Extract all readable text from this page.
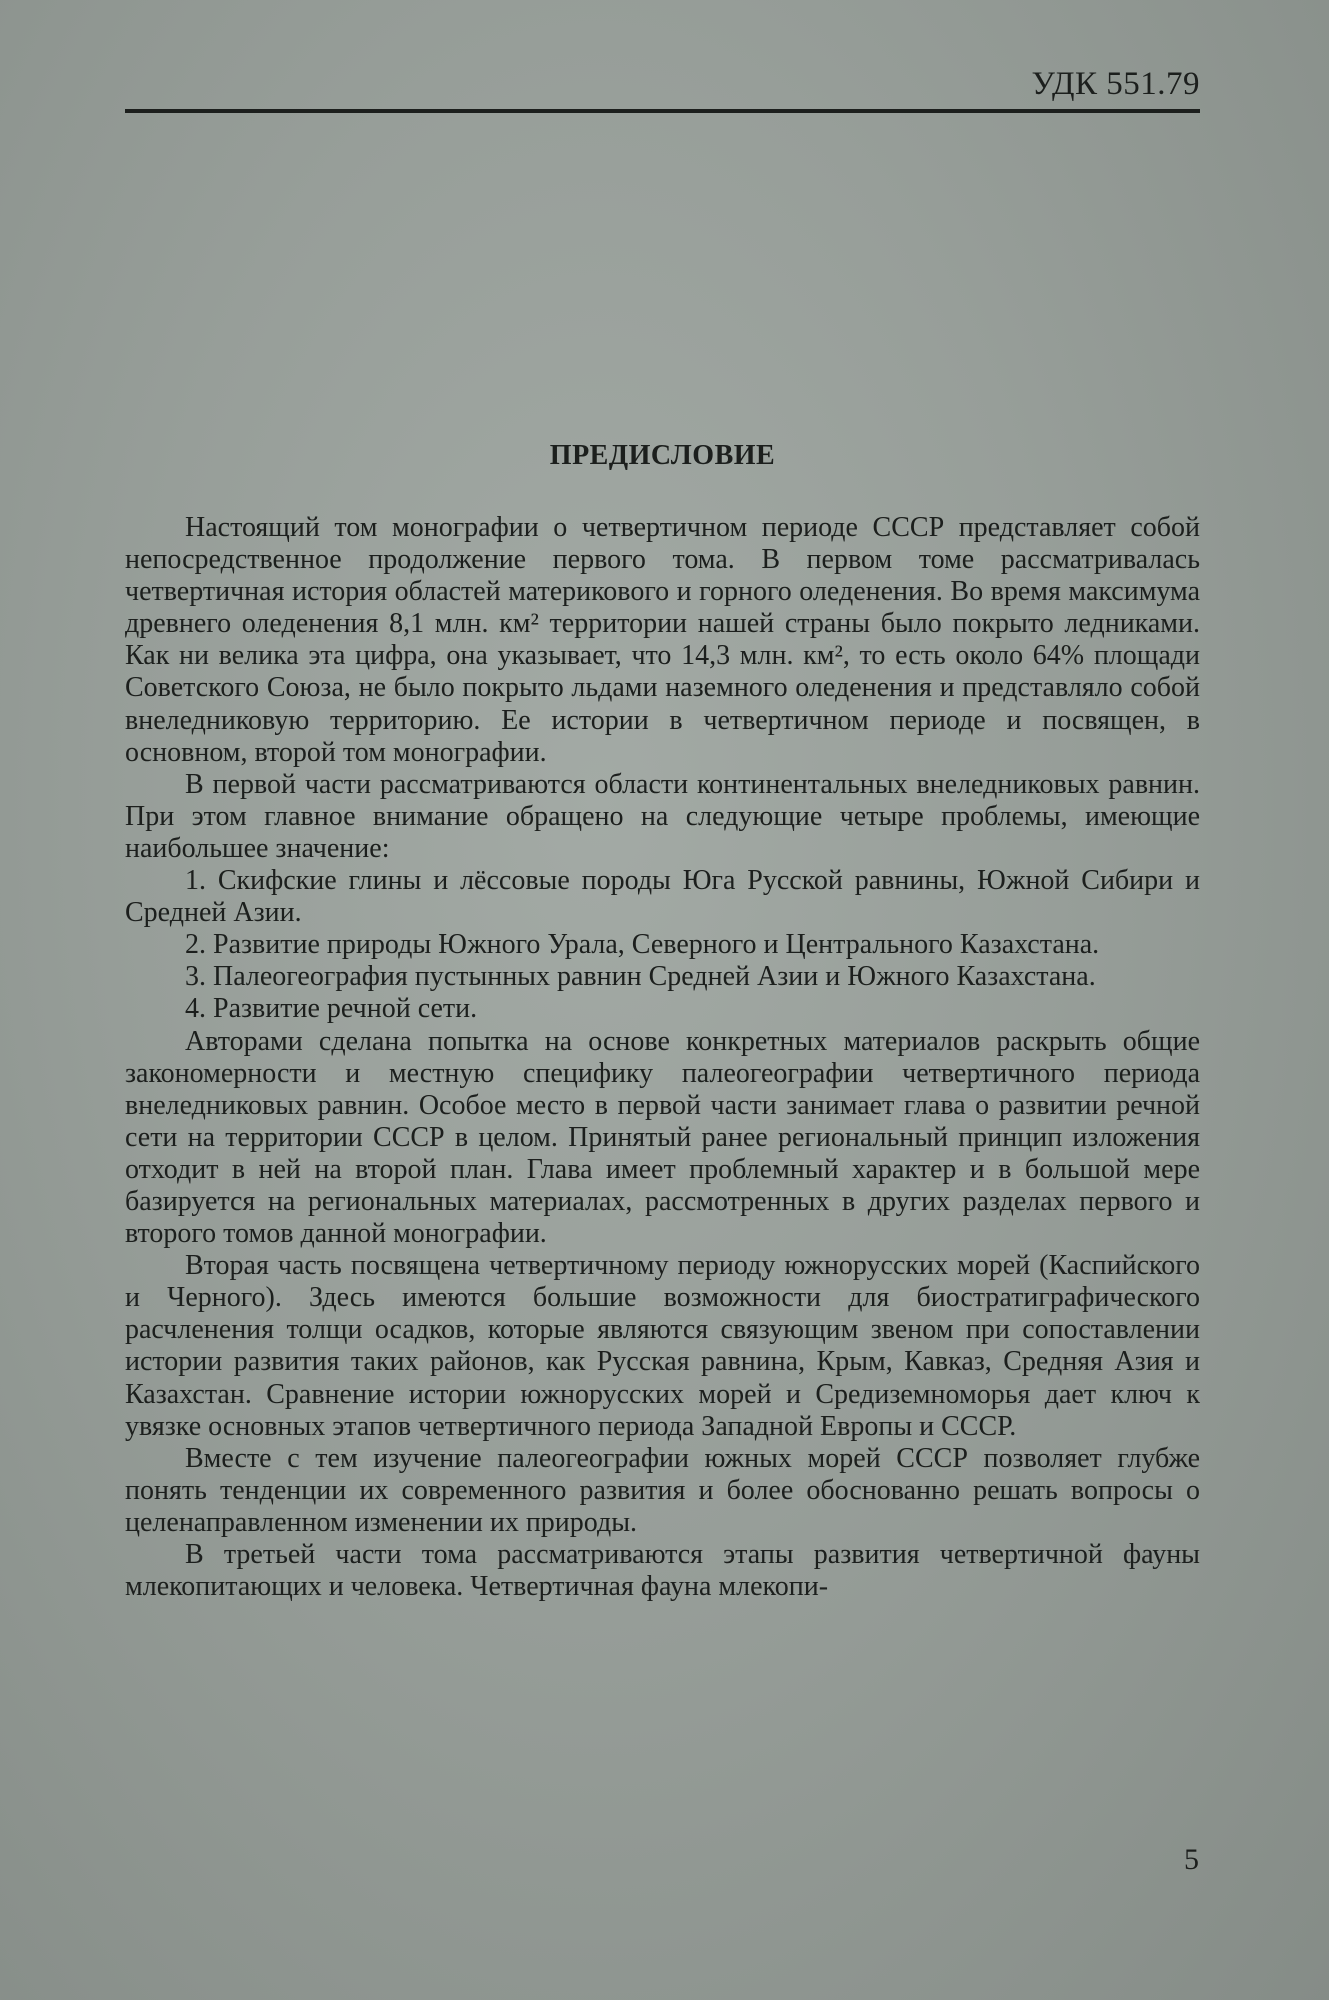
УДК 551.79
ПРЕДИСЛОВИЕ

Настоящий том монографии о четвертичном периоде СССР представляет собой непосредственное продолжение первого тома. В первом томе рассматривалась четвертичная история областей материкового и горного оледенения. Во время максимума древнего оледенения 8,1 млн. км² территории нашей страны было покрыто ледниками. Как ни велика эта цифра, она указывает, что 14,3 млн. км², то есть около 64% площади Советского Союза, не было покрыто льдами наземного оледенения и представляло собой внеледниковую территорию. Ее истории в четвертичном периоде и посвящен, в основном, второй том монографии.

В первой части рассматриваются области континентальных внеледниковых равнин. При этом главное внимание обращено на следующие четыре проблемы, имеющие наибольшее значение:

1. Скифские глины и лёссовые породы Юга Русской равнины, Южной Сибири и Средней Азии.

2. Развитие природы Южного Урала, Северного и Центрального Казахстана.

3. Палеогеография пустынных равнин Средней Азии и Южного Казахстана.

4. Развитие речной сети.

Авторами сделана попытка на основе конкретных материалов раскрыть общие закономерности и местную специфику палеогеографии четвертичного периода внеледниковых равнин. Особое место в первой части занимает глава о развитии речной сети на территории СССР в целом. Принятый ранее региональный принцип изложения отходит в ней на второй план. Глава имеет проблемный характер и в большой мере базируется на региональных материалах, рассмотренных в других разделах первого и второго томов данной монографии.

Вторая часть посвящена четвертичному периоду южнорусских морей (Каспийского и Черного). Здесь имеются большие возможности для биостратиграфического расчленения толщи осадков, которые являются связующим звеном при сопоставлении истории развития таких районов, как Русская равнина, Крым, Кавказ, Средняя Азия и Казахстан. Сравнение истории южнорусских морей и Средиземноморья дает ключ к увязке основных этапов четвертичного периода Западной Европы и СССР.

Вместе с тем изучение палеогеографии южных морей СССР позволяет глубже понять тенденции их современного развития и более обоснованно решать вопросы о целенаправленном изменении их природы.

В третьей части тома рассматриваются этапы развития четвертичной фауны млекопитающих и человека. Четвертичная фауна млекопи-

5
